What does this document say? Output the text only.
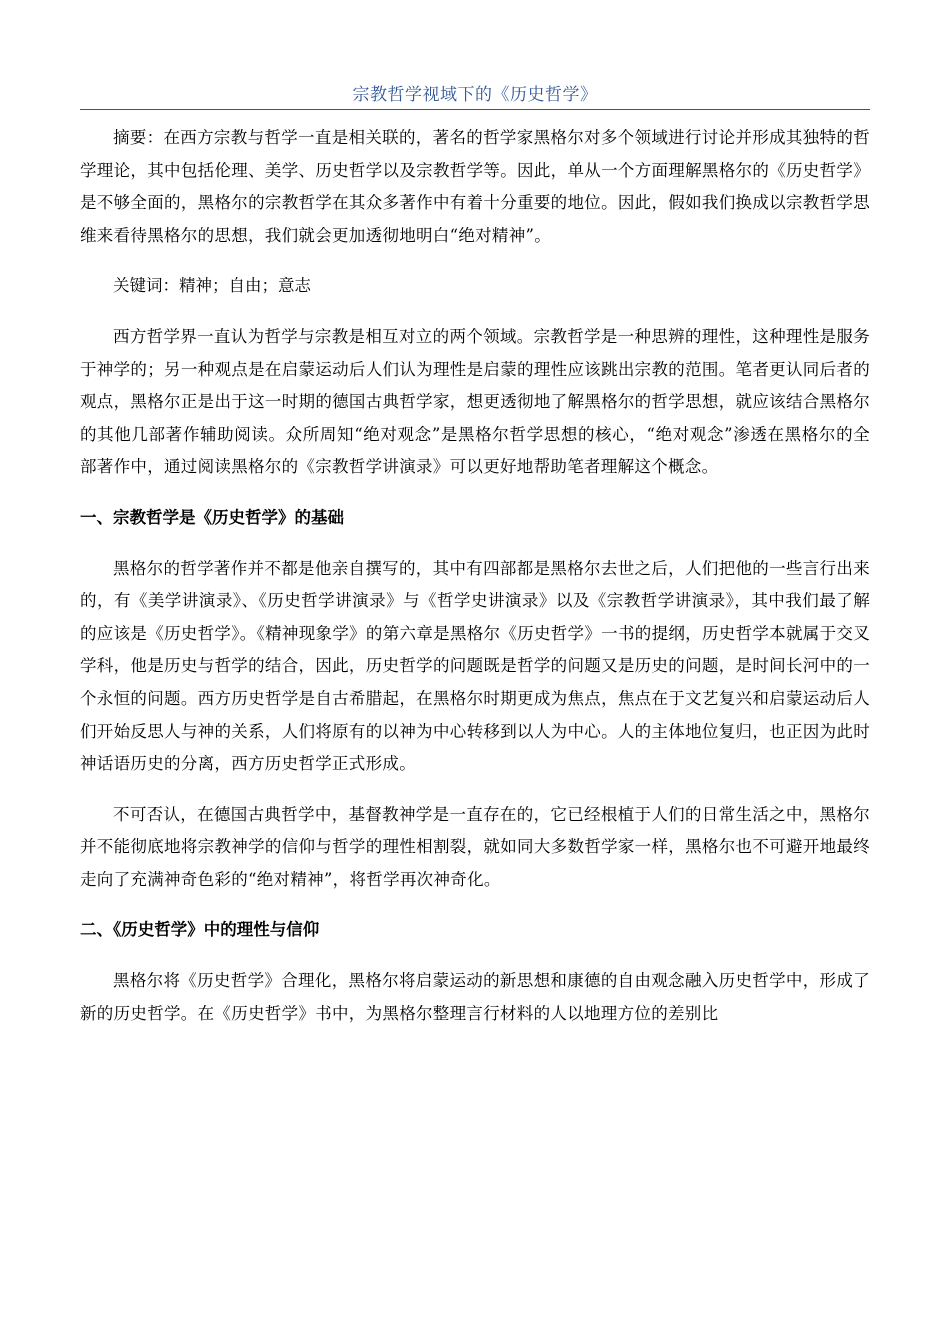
宗教哲学视域下的《历史哲学》

摘要：在西方宗教与哲学一直是相关联的，著名的哲学家黑格尔对多个领域进行讨论并形成其独特的哲学理论，其中包括伦理、美学、历史哲学以及宗教哲学等。因此，单从一个方面理解黑格尔的《历史哲学》是不够全面的，黑格尔的宗教哲学在其众多著作中有着十分重要的地位。因此，假如我们换成以宗教哲学思维来看待黑格尔的思想，我们就会更加透彻地明白“绝对精神”。

关键词：精神；自由；意志

西方哲学界一直认为哲学与宗教是相互对立的两个领域。宗教哲学是一种思辨的理性，这种理性是服务于神学的；另一种观点是在启蒙运动后人们认为理性是启蒙的理性应该跳出宗教的范围。笔者更认同后者的观点，黑格尔正是出于这一时期的德国古典哲学家，想更透彻地了解黑格尔的哲学思想，就应该结合黑格尔的其他几部著作辅助阅读。众所周知“绝对观念”是黑格尔哲学思想的核心，“绝对观念”渗透在黑格尔的全部著作中，通过阅读黑格尔的《宗教哲学讲演录》可以更好地帮助笔者理解这个概念。

一、宗教哲学是《历史哲学》的基础

黑格尔的哲学著作并不都是他亲自撰写的，其中有四部都是黑格尔去世之后，人们把他的一些言行出来的，有《美学讲演录》、《历史哲学讲演录》与《哲学史讲演录》以及《宗教哲学讲演录》，其中我们最了解的应该是《历史哲学》。《精神现象学》的第六章是黑格尔《历史哲学》一书的提纲，历史哲学本就属于交叉学科，他是历史与哲学的结合，因此，历史哲学的问题既是哲学的问题又是历史的问题，是时间长河中的一个永恒的问题。西方历史哲学是自古希腊起，在黑格尔时期更成为焦点，焦点在于文艺复兴和启蒙运动后人们开始反思人与神的关系，人们将原有的以神为中心转移到以人为中心。人的主体地位复归，也正因为此时神话语历史的分离，西方历史哲学正式形成。

不可否认，在德国古典哲学中，基督教神学是一直存在的，它已经根植于人们的日常生活之中，黑格尔并不能彻底地将宗教神学的信仰与哲学的理性相割裂，就如同大多数哲学家一样，黑格尔也不可避开地最终走向了充满神奇色彩的“绝对精神”，将哲学再次神奇化。

二、《历史哲学》中的理性与信仰

黑格尔将《历史哲学》合理化，黑格尔将启蒙运动的新思想和康德的自由观念融入历史哲学中，形成了新的历史哲学。在《历史哲学》书中，为黑格尔整理言行材料的人以地理方位的差别比
